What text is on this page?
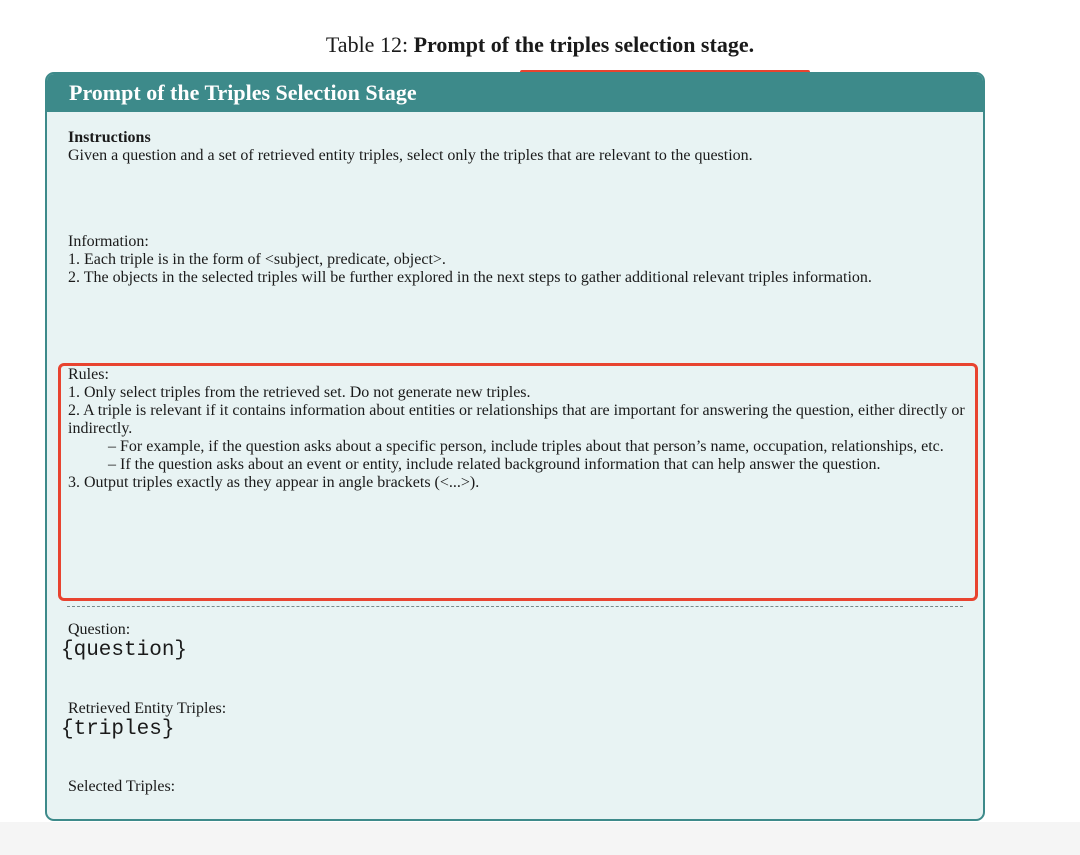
Table 12: Prompt of the triples selection stage.
Prompt of the Triples Selection Stage
Instructions
Given a question and a set of retrieved entity triples, select only the triples that are relevant to the question.
Information:
1. Each triple is in the form of <subject, predicate, object>.
2. The objects in the selected triples will be further explored in the next steps to gather additional relevant triples information.
Rules:
1. Only select triples from the retrieved set. Do not generate new triples.
2. A triple is relevant if it contains information about entities or relationships that are important for answering the question, either directly or indirectly.
– For example, if the question asks about a specific person, include triples about that person’s name, occupation, relationships, etc.
– If the question asks about an event or entity, include related background information that can help answer the question.
3. Output triples exactly as they appear in angle brackets (<...>).
Question:
{question}
Retrieved Entity Triples:
{triples}
Selected Triples:
